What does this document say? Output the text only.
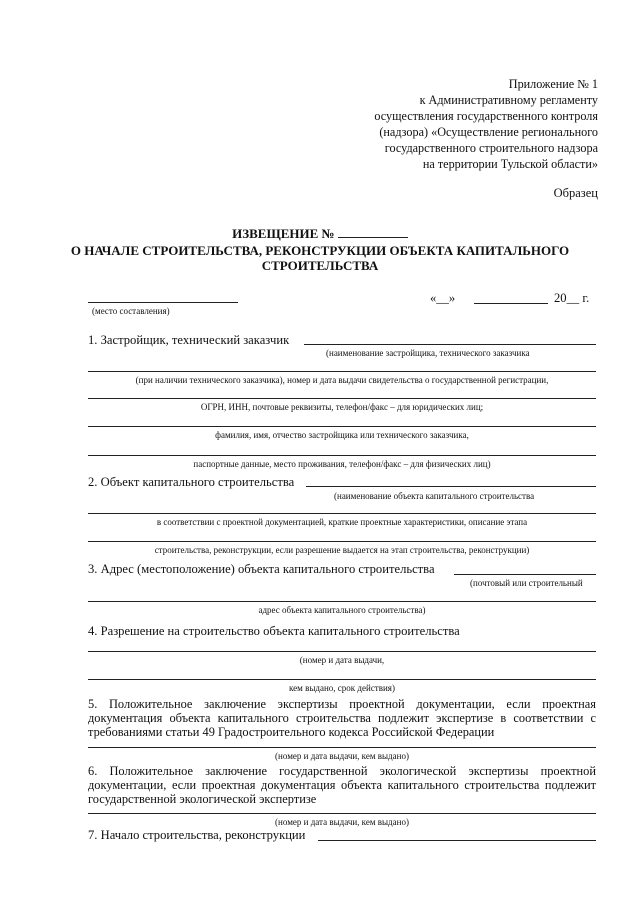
Приложение № 1
к Административному регламенту
осуществления государственного контроля
(надзора) «Осуществление регионального
государственного строительного надзора
на территории Тульской области»
Образец
ИЗВЕЩЕНИЕ №
О НАЧАЛЕ СТРОИТЕЛЬСТВА, РЕКОНСТРУКЦИИ ОБЪЕКТА КАПИТАЛЬНОГО
СТРОИТЕЛЬСТВА
(место составления)
«__»	20__ г.
1. Застройщик, технический заказчик
(наименование застройщика, технического заказчика
(при наличии технического заказчика), номер и дата выдачи свидетельства о государственной регистрации,
ОГРН, ИНН, почтовые реквизиты, телефон/факс – для юридических лиц;
фамилия, имя, отчество застройщика или технического заказчика,
паспортные данные, место проживания, телефон/факс – для физических лиц)
2. Объект капитального строительства
(наименование объекта капитального строительства
в соответствии с проектной документацией, краткие проектные характеристики, описание этапа
строительства, реконструкции, если разрешение выдается на этап строительства, реконструкции)
3. Адрес (местоположение) объекта капитального строительства
(почтовый или строительный
адрес объекта капитального строительства)
4. Разрешение на строительство объекта капитального строительства
(номер и дата выдачи,
кем выдано, срок действия)
5. Положительное заключение экспертизы проектной документации, если проектная документация объекта капитального строительства подлежит экспертизе в соответствии с требованиями статьи 49 Градостроительного кодекса Российской Федерации
(номер и дата выдачи, кем выдано)
6. Положительное заключение государственной экологической экспертизы проектной документации, если проектная документация объекта капитального строительства подлежит государственной экологической экспертизе
(номер и дата выдачи, кем выдано)
7. Начало строительства, реконструкции
